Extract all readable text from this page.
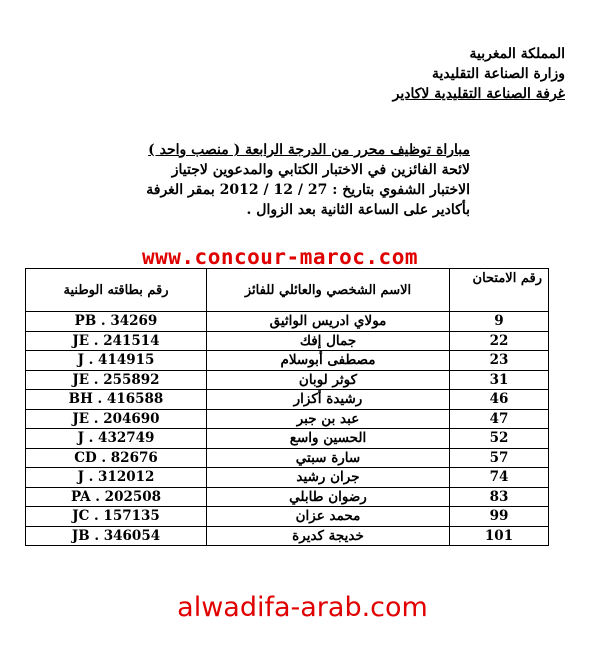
المملكة المغربية
وزارة الصناعة التقليدية
غرفة الصناعة التقليدية لاكادير
مباراة توظيف محرر من الدرجة الرابعة ( منصب واحد )
لائحة الفائزين في الاختبار الكتابي والمدعوين لاجتياز
الاختبار الشفوي بتاريخ : 27 / 12 / 2012 بمقر الغرفة
بأكادير على الساعة الثانية بعد الزوال .
www.concour-maroc.com
رقم الامتحان	الاسم الشخصي والعائلي للفائز	رقم بطاقته الوطنية
9	مولاي ادريس الواثيق	PB . 34269
22	جمال إفك	JE . 241514
23	مصطفى أبوسلام	J . 414915
31	كوثر لوبان	JE . 255892
46	رشيدة أكزار	BH . 416588
47	عبد بن جبر	JE . 204690
52	الحسين واسع	J . 432749
57	سارة سبتي	CD . 82676
74	جران رشيد	J . 312012
83	رضوان طابلي	PA . 202508
99	محمد عزان	JC . 157135
101	خديجة كديرة	JB . 346054
alwadifa-arab.com
